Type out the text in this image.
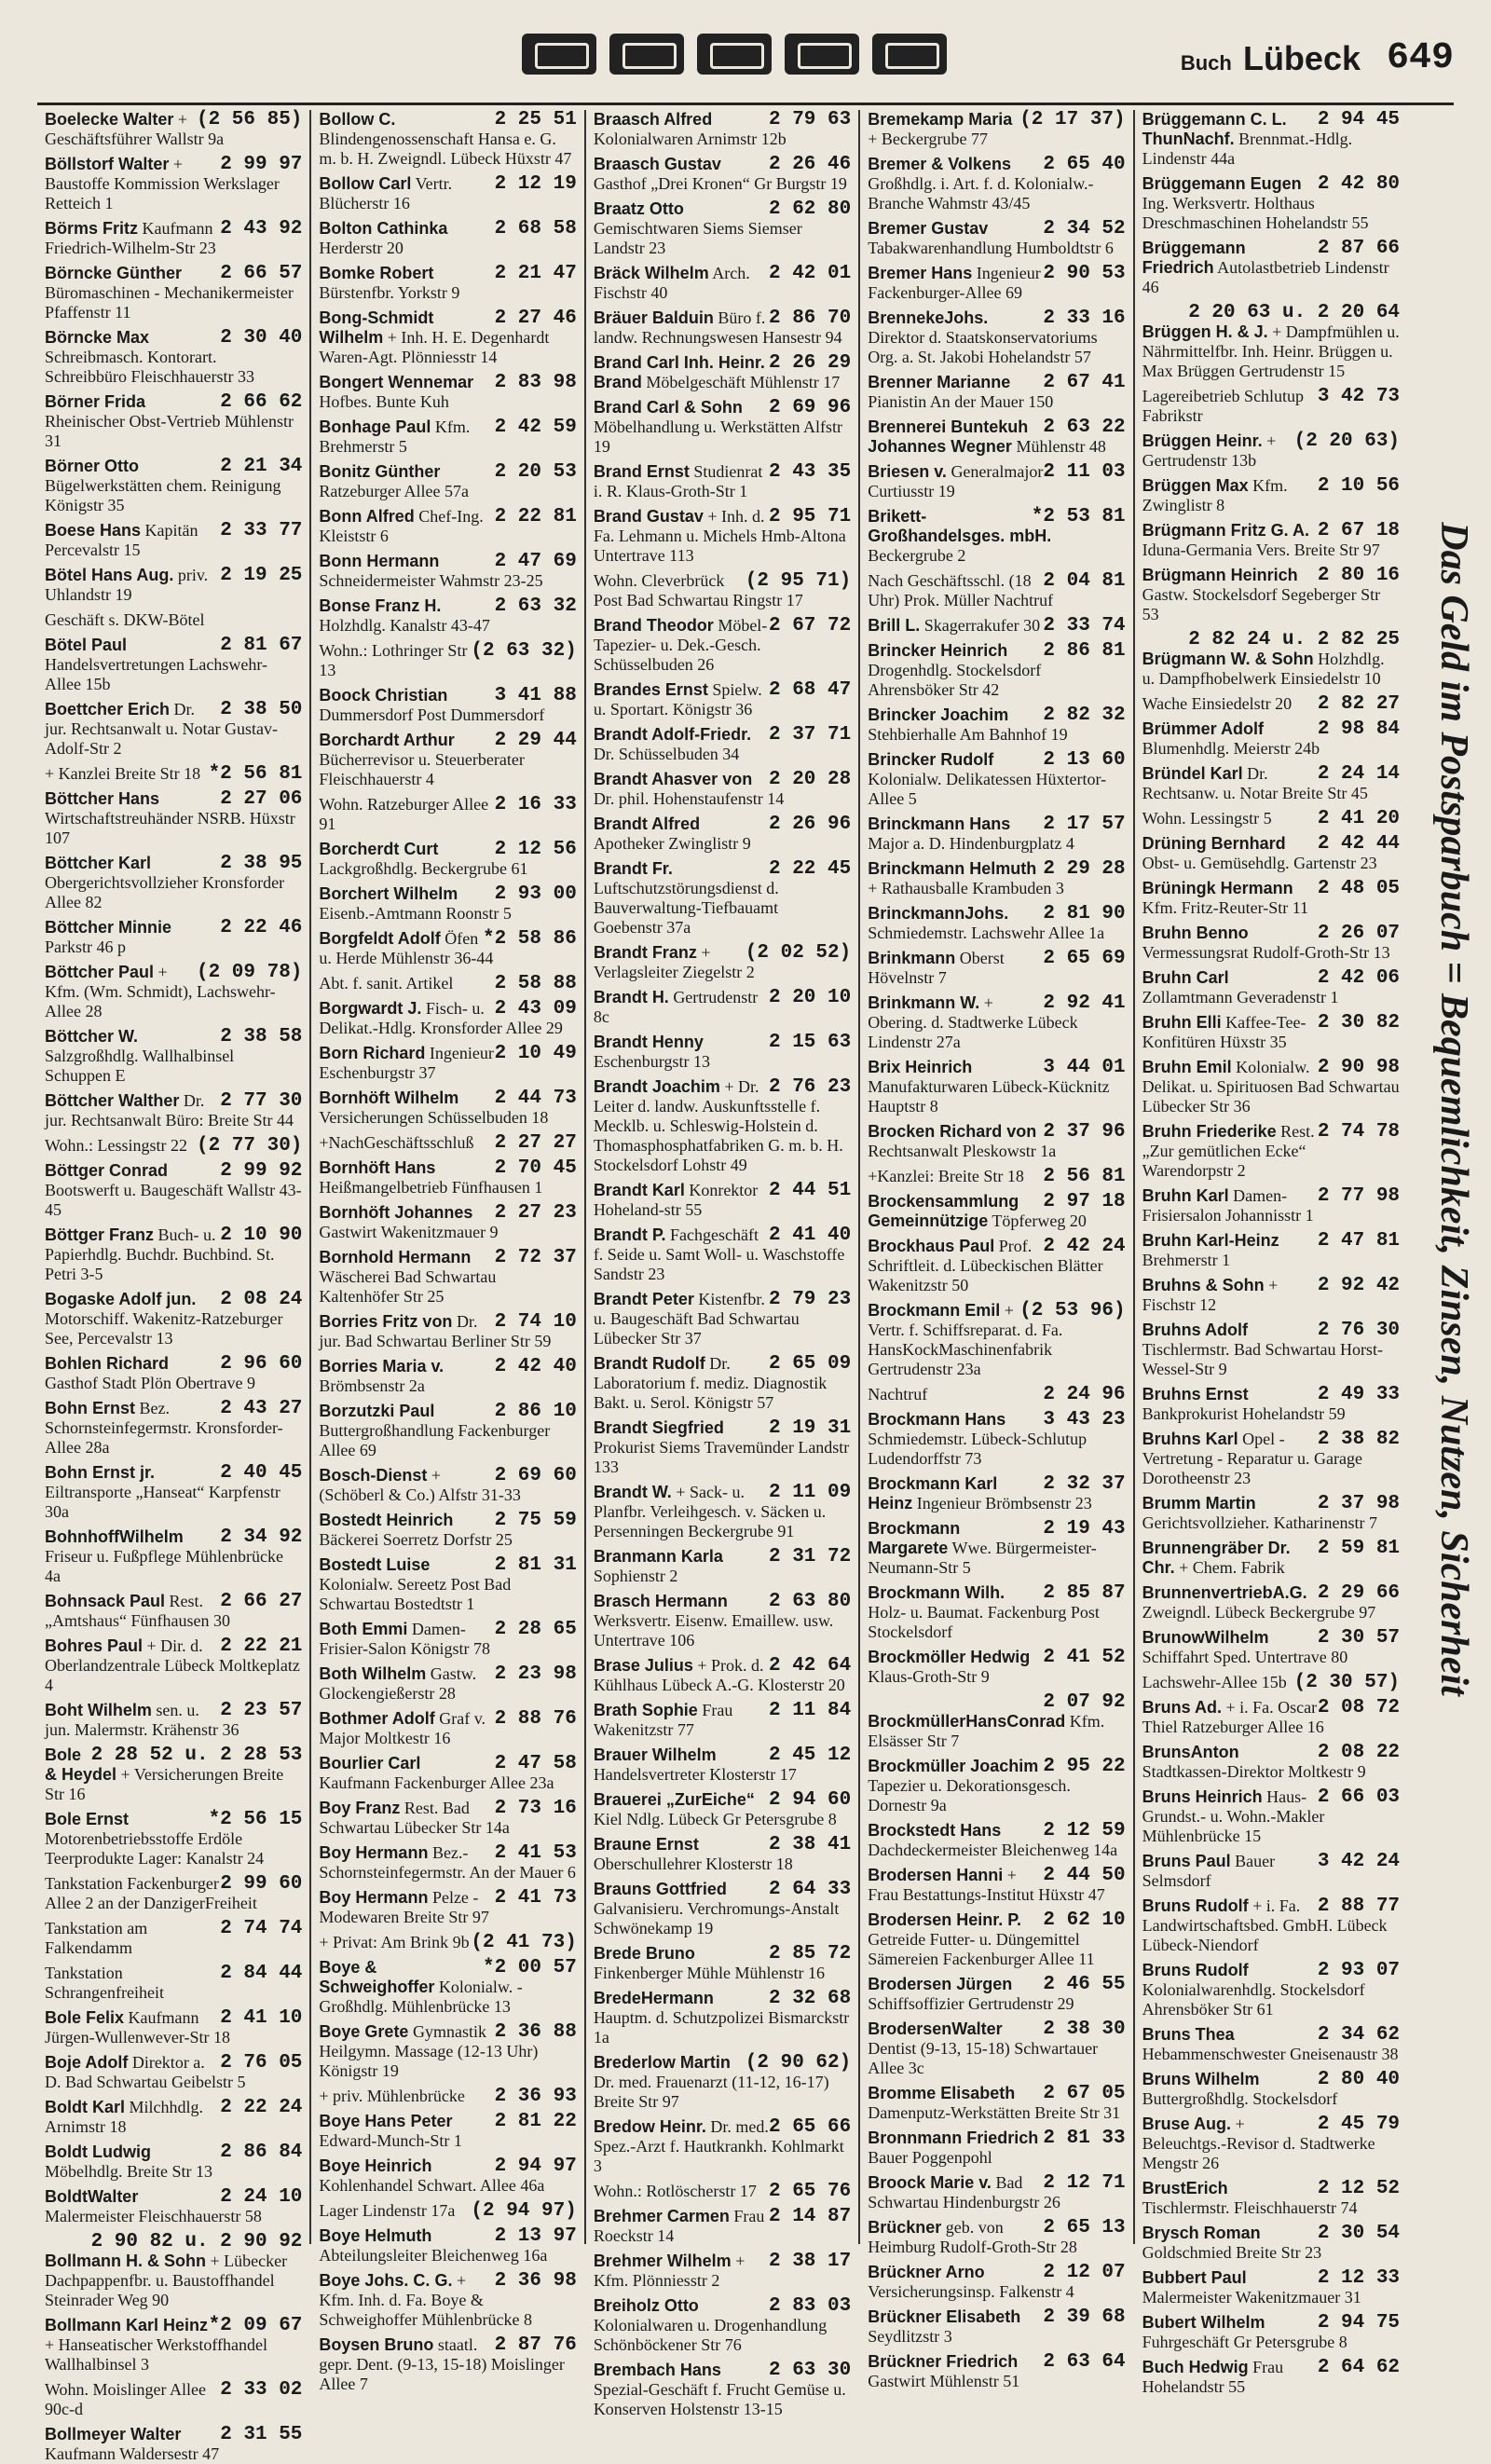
Buch Lübeck 649
(2 56 85)
Boelecke Walter + Geschäftsführer Wallstr 9a
2 99 97
Böllstorf Walter + Baustoffe Kommission Werkslager Retteich 1
2 43 92
Börms Fritz Kaufmann Friedrich-Wilhelm-Str 23
2 66 57
Börncke Günther Büromaschinen - Mechanikermeister Pfaffenstr 11
2 30 40
Börncke Max Schreibmasch. Kontorart. Schreibbüro Fleischhauerstr 33
2 66 62
Börner Frida Rheinischer Obst-Vertrieb Mühlenstr 31
2 21 34
Börner Otto Bügelwerkstätten chem. Reinigung Königstr 35
2 33 77
Boese Hans Kapitän Percevalstr 15
2 19 25
Bötel Hans Aug. priv. Uhlandstr 19
Geschäft s. DKW-Bötel
2 81 67
Bötel Paul Handelsvertretungen Lachswehr-Allee 15b
2 38 50
Boettcher Erich Dr. jur. Rechtsanwalt u. Notar Gustav-Adolf-Str 2
*2 56 81
+ Kanzlei Breite Str 18
2 27 06
Böttcher Hans Wirtschaftstreuhänder NSRB. Hüxstr 107
2 38 95
Böttcher Karl Obergerichtsvollzieher Kronsforder Allee 82
2 22 46
Böttcher Minnie Parkstr 46 p
(2 09 78)
Böttcher Paul + Kfm. (Wm. Schmidt), Lachswehr-Allee 28
2 38 58
Böttcher W. Salzgroßhdlg. Wallhalbinsel Schuppen E
2 77 30
Böttcher Walther Dr. jur. Rechtsanwalt Büro: Breite Str 44
(2 77 30)
Wohn.: Lessingstr 22
2 99 92
Böttger Conrad Bootswerft u. Baugeschäft Wallstr 43-45
2 10 90
Böttger Franz Buch- u. Papierhdlg. Buchdr. Buchbind. St. Petri 3-5
2 08 24
Bogaske Adolf jun. Motorschiff. Wakenitz-Ratzeburger See, Percevalstr 13
2 96 60
Bohlen Richard Gasthof Stadt Plön Obertrave 9
2 43 27
Bohn Ernst Bez. Schornsteinfegermstr. Kronsforder-Allee 28a
2 40 45
Bohn Ernst jr. Eiltransporte „Hanseat“ Karpfenstr 30a
2 34 92
BohnhoffWilhelm Friseur u. Fußpflege Mühlenbrücke 4a
2 66 27
Bohnsack Paul Rest. „Amtshaus“ Fünfhausen 30
2 22 21
Bohres Paul + Dir. d. Oberlandzentrale Lübeck Moltkeplatz 4
2 23 57
Boht Wilhelm sen. u. jun. Malermstr. Krähenstr 36
2 28 52 u. 2 28 53
Bole & Heydel + Versicherungen Breite Str 16
*2 56 15
Bole Ernst Motorenbetriebsstoffe Erdöle Teerprodukte Lager: Kanalstr 24
2 99 60
Tankstation Fackenburger Allee 2 an der DanzigerFreiheit
2 74 74
Tankstation am Falkendamm
2 84 44
Tankstation Schrangenfreiheit
2 41 10
Bole Felix Kaufmann Jürgen-Wullenwever-Str 18
2 76 05
Boje Adolf Direktor a. D. Bad Schwartau Geibelstr 5
2 22 24
Boldt Karl Milchhdlg. Arnimstr 18
2 86 84
Boldt Ludwig Möbelhdlg. Breite Str 13
2 24 10
BoldtWalter Malermeister Fleischhauerstr 58
2 90 82 u. 2 90 92
Bollmann H. & Sohn + Lübecker Dachpappenfbr. u. Baustoffhandel Steinrader Weg 90
*2 09 67
Bollmann Karl Heinz + Hanseatischer Werkstoffhandel Wallhalbinsel 3
2 33 02
Wohn. Moislinger Allee 90c-d
2 31 55
Bollmeyer Walter Kaufmann Waldersestr 47
2 25 51
Bollow C. Blindengenossenschaft Hansa e. G. m. b. H. Zweigndl. Lübeck Hüxstr 47
2 12 19
Bollow Carl Vertr. Blücherstr 16
2 68 58
Bolton Cathinka Herderstr 20
2 21 47
Bomke Robert Bürstenfbr. Yorkstr 9
2 27 46
Bong-Schmidt Wilhelm + Inh. H. E. Degenhardt Waren-Agt. Plönniesstr 14
2 83 98
Bongert Wennemar Hofbes. Bunte Kuh
2 42 59
Bonhage Paul Kfm. Brehmerstr 5
2 20 53
Bonitz Günther Ratzeburger Allee 57a
2 22 81
Bonn Alfred Chef-Ing. Kleiststr 6
2 47 69
Bonn Hermann Schneidermeister Wahmstr 23-25
2 63 32
Bonse Franz H. Holzhdlg. Kanalstr 43-47
(2 63 32)
Wohn.: Lothringer Str 13
3 41 88
Boock Christian Dummersdorf Post Dummersdorf
2 29 44
Borchardt Arthur Bücherrevisor u. Steuerberater Fleischhauerstr 4
2 16 33
Wohn. Ratzeburger Allee 91
2 12 56
Borcherdt Curt Lackgroßhdlg. Beckergrube 61
2 93 00
Borchert Wilhelm Eisenb.-Amtmann Roonstr 5
*2 58 86
Borgfeldt Adolf Öfen u. Herde Mühlenstr 36-44
2 58 88
Abt. f. sanit. Artikel
2 43 09
Borgwardt J. Fisch- u. Delikat.-Hdlg. Kronsforder Allee 29
2 10 49
Born Richard Ingenieur Eschenburgstr 37
2 44 73
Bornhöft Wilhelm Versicherungen Schüsselbuden 18
2 27 27
+NachGeschäftsschluß
2 70 45
Bornhöft Hans Heißmangelbetrieb Fünfhausen 1
2 27 23
Bornhöft Johannes Gastwirt Wakenitzmauer 9
2 72 37
Bornhold Hermann Wäscherei Bad Schwartau Kaltenhöfer Str 25
2 74 10
Borries Fritz von Dr. jur. Bad Schwartau Berliner Str 59
2 42 40
Borries Maria v. Brömbsenstr 2a
2 86 10
Borzutzki Paul Buttergroßhandlung Fackenburger Allee 69
2 69 60
Bosch-Dienst + (Schöberl & Co.) Alfstr 31-33
2 75 59
Bostedt Heinrich Bäckerei Soerretz Dorfstr 25
2 81 31
Bostedt Luise Kolonialw. Sereetz Post Bad Schwartau Bostedtstr 1
2 28 65
Both Emmi Damen-Frisier-Salon Königstr 78
2 23 98
Both Wilhelm Gastw. Glockengießerstr 28
2 88 76
Bothmer Adolf Graf v. Major Moltkestr 16
2 47 58
Bourlier Carl Kaufmann Fackenburger Allee 23a
2 73 16
Boy Franz Rest. Bad Schwartau Lübecker Str 14a
2 41 53
Boy Hermann Bez.-Schornsteinfegermstr. An der Mauer 6
2 41 73
Boy Hermann Pelze - Modewaren Breite Str 97
(2 41 73)
+ Privat: Am Brink 9b
*2 00 57
Boye & Schweighoffer Kolonialw. - Großhdlg. Mühlenbrücke 13
2 36 88
Boye Grete Gymnastik Heilgymn. Massage (12-13 Uhr) Königstr 19
2 36 93
+ priv. Mühlenbrücke
2 81 22
Boye Hans Peter Edward-Munch-Str 1
2 94 97
Boye Heinrich Kohlenhandel Schwart. Allee 46a
(2 94 97)
Lager Lindenstr 17a
2 13 97
Boye Helmuth Abteilungsleiter Bleichenweg 16a
2 36 98
Boye Johs. C. G. + Kfm. Inh. d. Fa. Boye & Schweighoffer Mühlenbrücke 8
2 87 76
Boysen Bruno staatl. gepr. Dent. (9-13, 15-18) Moislinger Allee 7
2 79 63
Braasch Alfred Kolonialwaren Arnimstr 12b
2 26 46
Braasch Gustav Gasthof „Drei Kronen“ Gr Burgstr 19
2 62 80
Braatz Otto Gemischtwaren Siems Siemser Landstr 23
2 42 01
Bräck Wilhelm Arch. Fischstr 40
2 86 70
Bräuer Balduin Büro f. landw. Rechnungswesen Hansestr 94
2 26 29
Brand Carl Inh. Heinr. Brand Möbelgeschäft Mühlenstr 17
2 69 96
Brand Carl & Sohn Möbelhandlung u. Werkstätten Alfstr 19
2 43 35
Brand Ernst Studienrat i. R. Klaus-Groth-Str 1
2 95 71
Brand Gustav + Inh. d. Fa. Lehmann u. Michels Hmb-Altona Untertrave 113
(2 95 71)
Wohn. Cleverbrück Post Bad Schwartau Ringstr 17
2 67 72
Brand Theodor Möbel-Tapezier- u. Dek.-Gesch. Schüsselbuden 26
2 68 47
Brandes Ernst Spielw. u. Sportart. Königstr 36
2 37 71
Brandt Adolf-Friedr. Dr. Schüsselbuden 34
2 20 28
Brandt Ahasver von Dr. phil. Hohenstaufenstr 14
2 26 96
Brandt Alfred Apotheker Zwinglistr 9
2 22 45
Brandt Fr. Luftschutzstörungsdienst d. Bauverwaltung-Tiefbauamt Goebenstr 37a
(2 02 52)
Brandt Franz + Verlagsleiter Ziegelstr 2
2 20 10
Brandt H. Gertrudenstr 8c
2 15 63
Brandt Henny Eschenburgstr 13
2 76 23
Brandt Joachim + Dr. Leiter d. landw. Auskunftsstelle f. Mecklb. u. Schleswig-Holstein d. Thomasphosphatfabriken G. m. b. H. Stockelsdorf Lohstr 49
2 44 51
Brandt Karl Konrektor Hoheland-str 55
2 41 40
Brandt P. Fachgeschäft f. Seide u. Samt Woll- u. Waschstoffe Sandstr 23
2 79 23
Brandt Peter Kistenfbr. u. Baugeschäft Bad Schwartau Lübecker Str 37
2 65 09
Brandt Rudolf Dr. Laboratorium f. mediz. Diagnostik Bakt. u. Serol. Königstr 57
2 19 31
Brandt Siegfried Prokurist Siems Travemünder Landstr 133
2 11 09
Brandt W. + Sack- u. Planfbr. Verleihgesch. v. Säcken u. Persenningen Beckergrube 91
2 31 72
Branmann Karla Sophienstr 2
2 63 80
Brasch Hermann Werksvertr. Eisenw. Emaillew. usw. Untertrave 106
2 42 64
Brase Julius + Prok. d. Kühlhaus Lübeck A.-G. Klosterstr 20
2 11 84
Brath Sophie Frau Wakenitzstr 77
2 45 12
Brauer Wilhelm Handelsvertreter Klosterstr 17
2 94 60
Brauerei „ZurEiche“ Kiel Ndlg. Lübeck Gr Petersgrube 8
2 38 41
Braune Ernst Oberschullehrer Klosterstr 18
2 64 33
Brauns Gottfried Galvanisieru. Verchromungs-Anstalt Schwönekamp 19
2 85 72
Brede Bruno Finkenberger Mühle Mühlenstr 16
2 32 68
BredeHermann Hauptm. d. Schutzpolizei Bismarckstr 1a
(2 90 62)
Brederlow Martin Dr. med. Frauenarzt (11-12, 16-17) Breite Str 97
2 65 66
Bredow Heinr. Dr. med. Spez.-Arzt f. Hautkrankh. Kohlmarkt 3
2 65 76
Wohn.: Rotlöscherstr 17
2 14 87
Brehmer Carmen Frau Roeckstr 14
2 38 17
Brehmer Wilhelm + Kfm. Plönniesstr 2
2 83 03
Breiholz Otto Kolonialwaren u. Drogenhandlung Schönböckener Str 76
2 63 30
Brembach Hans Spezial-Geschäft f. Frucht Gemüse u. Konserven Holstenstr 13-15
(2 17 37)
Bremekamp Maria + Beckergrube 77
2 65 40
Bremer & Volkens Großhdlg. i. Art. f. d. Kolonialw.-Branche Wahmstr 43/45
2 34 52
Bremer Gustav Tabakwarenhandlung Humboldtstr 6
2 90 53
Bremer Hans Ingenieur Fackenburger-Allee 69
2 33 16
BrennekeJohs. Direktor d. Staatskonservatoriums Org. a. St. Jakobi Hohelandstr 57
2 67 41
Brenner Marianne Pianistin An der Mauer 150
2 63 22
Brennerei Buntekuh Johannes Wegner Mühlenstr 48
2 11 03
Briesen v. Generalmajor Curtiusstr 19
*2 53 81
Brikett-Großhandelsges. mbH. Beckergrube 2
2 04 81
Nach Geschäftsschl. (18 Uhr) Prok. Müller Nachtruf
2 33 74
Brill L. Skagerrakufer 30
2 86 81
Brincker Heinrich Drogenhdlg. Stockelsdorf Ahrensböker Str 42
2 82 32
Brincker Joachim Stehbierhalle Am Bahnhof 19
2 13 60
Brincker Rudolf Kolonialw. Delikatessen Hüxtertor-Allee 5
2 17 57
Brinckmann Hans Major a. D. Hindenburgplatz 4
2 29 28
Brinckmann Helmuth + Rathausballe Krambuden 3
2 81 90
BrinckmannJohs. Schmiedemstr. Lachswehr Allee 1a
2 65 69
Brinkmann Oberst Hövelnstr 7
2 92 41
Brinkmann W. + Obering. d. Stadtwerke Lübeck Lindenstr 27a
3 44 01
Brix Heinrich Manufakturwaren Lübeck-Kücknitz Hauptstr 8
2 37 96
Brocken Richard von Rechtsanwalt Pleskowstr 1a
2 56 81
+Kanzlei: Breite Str 18
2 97 18
Brockensammlung Gemeinnützige Töpferweg 20
2 42 24
Brockhaus Paul Prof. Schriftleit. d. Lübeckischen Blätter Wakenitzstr 50
(2 53 96)
Brockmann Emil + Vertr. f. Schiffsreparat. d. Fa. HansKockMaschinenfabrik Gertrudenstr 23a
2 24 96
Nachtruf
3 43 23
Brockmann Hans Schmiedemstr. Lübeck-Schlutup Ludendorffstr 73
2 32 37
Brockmann Karl Heinz Ingenieur Brömbsenstr 23
2 19 43
Brockmann Margarete Wwe. Bürgermeister-Neumann-Str 5
2 85 87
Brockmann Wilh. Holz- u. Baumat. Fackenburg Post Stockelsdorf
2 41 52
Brockmöller Hedwig Klaus-Groth-Str 9
2 07 92
BrockmüllerHansConrad Kfm. Elsässer Str 7
2 95 22
Brockmüller Joachim Tapezier u. Dekorationsgesch. Dornestr 9a
2 12 59
Brockstedt Hans Dachdeckermeister Bleichenweg 14a
2 44 50
Brodersen Hanni + Frau Bestattungs-Institut Hüxstr 47
2 62 10
Brodersen Heinr. P. Getreide Futter- u. Düngemittel Sämereien Fackenburger Allee 11
2 46 55
Brodersen Jürgen Schiffsoffizier Gertrudenstr 29
2 38 30
BrodersenWalter Dentist (9-13, 15-18) Schwartauer Allee 3c
2 67 05
Bromme Elisabeth Damenputz-Werkstätten Breite Str 31
2 81 33
Bronnmann Friedrich Bauer Poggenpohl
2 12 71
Broock Marie v. Bad Schwartau Hindenburgstr 26
2 65 13
Brückner geb. von Heimburg Rudolf-Groth-Str 28
2 12 07
Brückner Arno Versicherungsinsp. Falkenstr 4
2 39 68
Brückner Elisabeth Seydlitzstr 3
2 63 64
Brückner Friedrich Gastwirt Mühlenstr 51
2 94 45
Brüggemann C. L. ThunNachf. Brennmat.-Hdlg. Lindenstr 44a
2 42 80
Brüggemann Eugen Ing. Werksvertr. Holthaus Dreschmaschinen Hohelandstr 55
2 87 66
Brüggemann Friedrich Autolastbetrieb Lindenstr 46
2 20 63 u. 2 20 64
Brüggen H. & J. + Dampfmühlen u. Nährmittelfbr. Inh. Heinr. Brüggen u. Max Brüggen Gertrudenstr 15
3 42 73
Lagereibetrieb Schlutup Fabrikstr
(2 20 63)
Brüggen Heinr. + Gertrudenstr 13b
2 10 56
Brüggen Max Kfm. Zwinglistr 8
2 67 18
Brügmann Fritz G. A. Idunа-Germania Vers. Breite Str 97
2 80 16
Brügmann Heinrich Gastw. Stockelsdorf Segeberger Str 53
2 82 24 u. 2 82 25
Brügmann W. & Sohn Holzhdlg. u. Dampfhobelwerk Einsiedelstr 10
2 82 27
Wache Einsiedelstr 20
2 98 84
Brümmer Adolf Blumenhdlg. Meierstr 24b
2 24 14
Bründel Karl Dr. Rechtsanw. u. Notar Breite Str 45
2 41 20
Wohn. Lessingstr 5
2 42 44
Drüning Bernhard Obst- u. Gemüsehdlg. Gartenstr 23
2 48 05
Brüningk Hermann Kfm. Fritz-Reuter-Str 11
2 26 07
Bruhn Benno Vermessungsrat Rudolf-Groth-Str 13
2 42 06
Bruhn Carl Zollamtmann Geveradenstr 1
2 30 82
Bruhn Elli Kaffee-Tee-Konfitüren Hüxstr 35
2 90 98
Bruhn Emil Kolonialw. Delikat. u. Spirituosen Bad Schwartau Lübecker Str 36
2 74 78
Bruhn Friederike Rest. „Zur gemütlichen Ecke“ Warendorpstr 2
2 77 98
Bruhn Karl Damen-Frisiersalon Johannisstr 1
2 47 81
Bruhn Karl-Heinz Brehmerstr 1
2 92 42
Bruhns & Sohn + Fischstr 12
2 76 30
Bruhns Adolf Tischlermstr. Bad Schwartau Horst-Wessel-Str 9
2 49 33
Bruhns Ernst Bankprokurist Hohelandstr 59
2 38 82
Bruhns Karl Opel - Vertretung - Reparatur u. Garage Dorotheenstr 23
2 37 98
Brumm Martin Gerichtsvollzieher. Katharinenstr 7
2 59 81
Brunnengräber Dr. Chr. + Chem. Fabrik
2 29 66
BrunnenvertriebA.G. Zweigndl. Lübeck Beckergrube 97
2 30 57
BrunowWilhelm Schiffahrt Sped. Untertrave 80
(2 30 57)
Lachswehr-Allee 15b
2 08 72
Bruns Ad. + i. Fa. Oscar Thiel Ratzeburger Allee 16
2 08 22
BrunsAnton Stadtkassen-Direktor Moltkestr 9
2 66 03
Bruns Heinrich Haus- Grundst.- u. Wohn.-Makler Mühlenbrücke 15
3 42 24
Bruns Paul Bauer Selmsdorf
2 88 77
Bruns Rudolf + i. Fa. Landwirtschaftsbed. GmbH. Lübeck Lübeck-Niendorf
2 93 07
Bruns Rudolf Kolonialwarenhdlg. Stockelsdorf Ahrensböker Str 61
2 34 62
Bruns Thea Hebammenschwester Gneisenaustr 38
2 80 40
Bruns Wilhelm Buttergroßhdlg. Stockelsdorf
2 45 79
Bruse Aug. + Beleuchtgs.-Revisor d. Stadtwerke Mengstr 26
2 12 52
BrustErich Tischlermstr. Fleischhauerstr 74
2 30 54
Brysch Roman Goldschmied Breite Str 23
2 12 33
Bubbert Paul Malermeister Wakenitzmauer 31
2 94 75
Bubert Wilhelm Fuhrgeschäft Gr Petersgrube 8
2 64 62
Buch Hedwig Frau Hohelandstr 55
Das Geld im Postsparbuch = Bequemlichkeit, Zinsen, Nutzen, Sicherheit
